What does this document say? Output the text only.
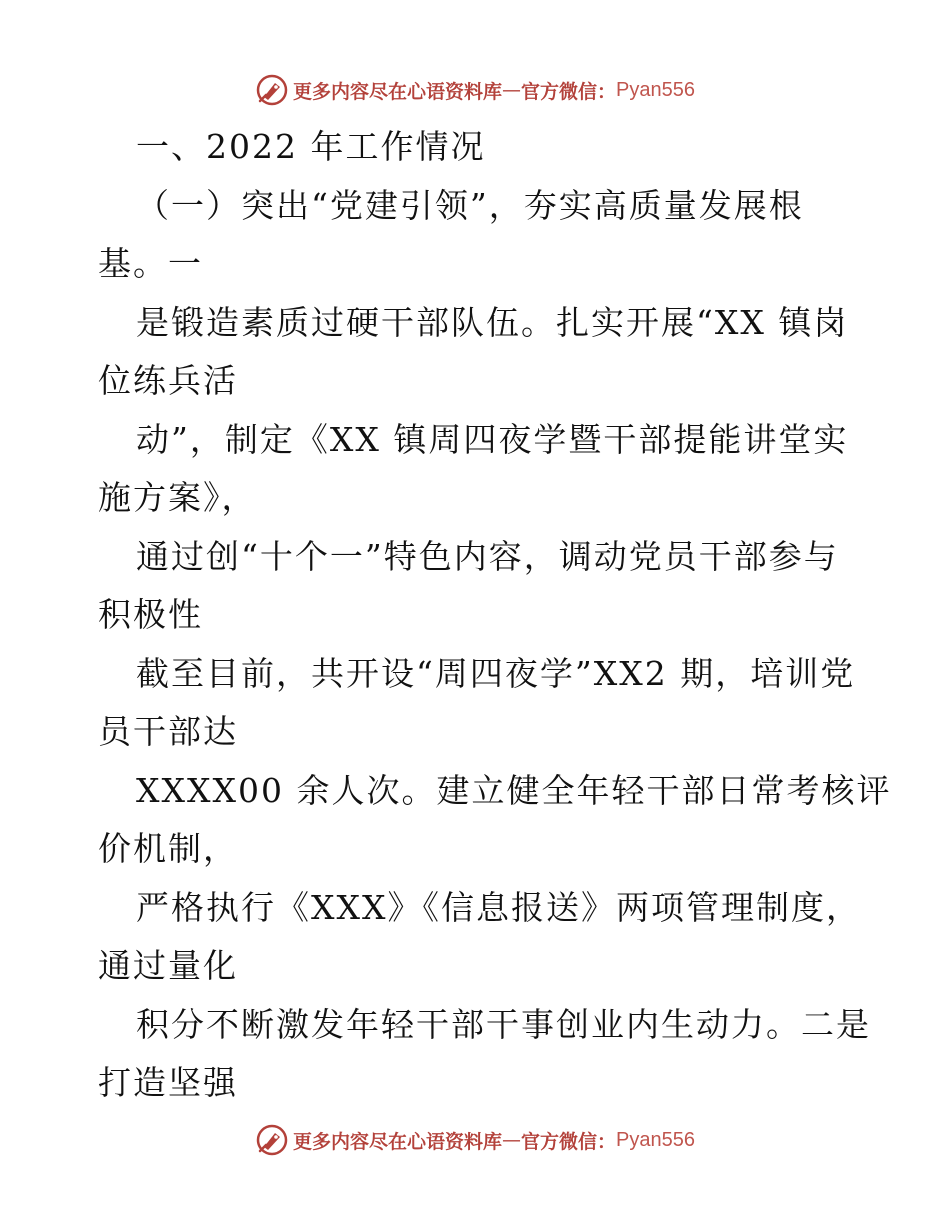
更多内容尽在心语资料库 — 官方微信： Pyan556
一、2022 年工作情况
（一）突出“党建引领”，夯实高质量发展根
基。一
是锻造素质过硬干部队伍。扎实开展“XX 镇岗
位练兵活
动”，制定《XX 镇周四夜学暨干部提能讲堂实
施方案》，
通过创“十个一”特色内容，调动党员干部参与
积极性
截至目前，共开设“周四夜学”XX2 期，培训党
员干部达
XXXX00 余人次。建立健全年轻干部日常考核评
价机制，
严格执行《XXX》《信息报送》两项管理制度，
通过量化
积分不断激发年轻干部干事创业内生动力。二是
打造坚强
更多内容尽在心语资料库 — 官方微信： Pyan556
